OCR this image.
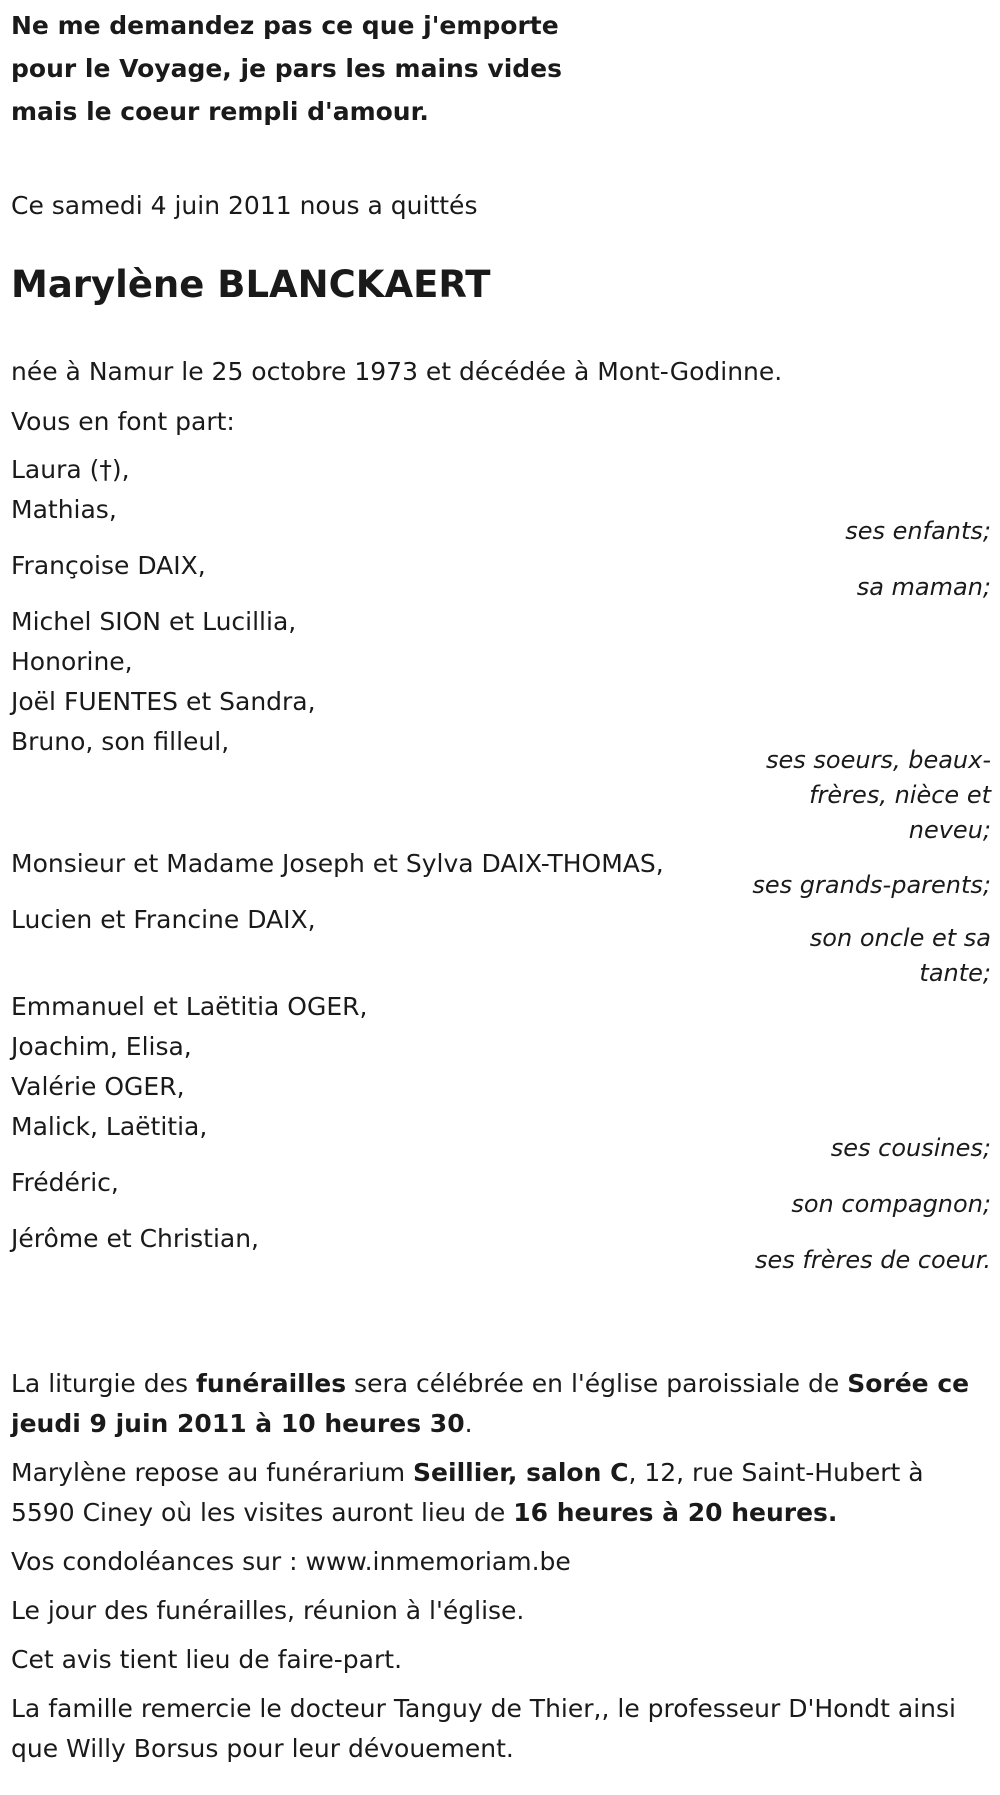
Ne me demandez pas ce que j'emporte

pour le Voyage, je pars les mains vides

mais le coeur rempli d'amour.

Ce samedi 4 juin 2011 nous a quittés

Marylène BLANCKAERT

née à Namur le 25 octobre 1973 et décédée à Mont-Godinne.

Vous en font part:

Laura (†),
Mathias,

ses enfants;

Françoise DAIX,

sa maman;

Michel SION et Lucillia,
Honorine,
Joël FUENTES et Sandra,
Bruno, son filleul,

ses soeurs, beaux-frères, nièce et neveu;

Monsieur et Madame Joseph et Sylva DAIX-THOMAS,

ses grands-parents;

Lucien et Francine DAIX,

son oncle et sa tante;

Emmanuel et Laëtitia OGER,
Joachim, Elisa,
Valérie OGER,
Malick, Laëtitia,

ses cousines;

Frédéric,

son compagnon;

Jérôme et Christian,

ses frères de coeur.

La liturgie des funérailles sera célébrée en l'église paroissiale de Sorée ce jeudi 9 juin 2011 à 10 heures 30.

Marylène repose au funérarium Seillier, salon C, 12, rue Saint-Hubert à 5590 Ciney où les visites auront lieu de 16 heures à 20 heures.

Vos condoléances sur : www.inmemoriam.be

Le jour des funérailles, réunion à l'église.

Cet avis tient lieu de faire-part.

La famille remercie le docteur Tanguy de Thier,, le professeur D'Hondt ainsi que Willy Borsus pour leur dévouement.
